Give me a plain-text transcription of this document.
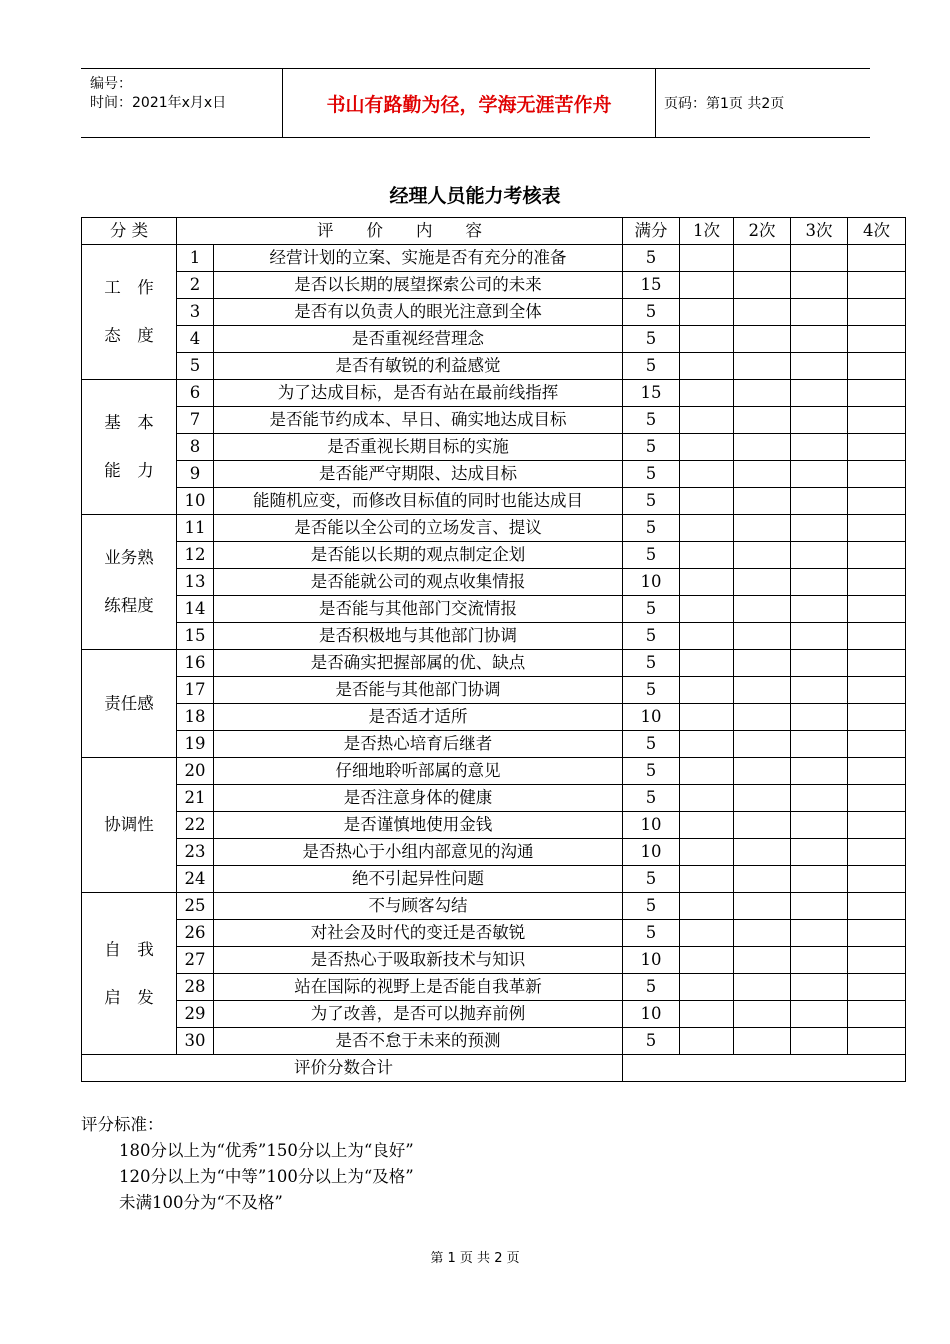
编号：
时间：2021年x月x日	书山有路勤为径，学海无涯苦作舟	页码：第1页 共2页
经理人员能力考核表
分 类	评　　价　　内　　容		满分	1次	2次	3次	4次

工　作
态　度	1	经营计划的立案、实施是否有充分的准备	5				
	2	是否以长期的展望探索公司的未来	15				
	3	是否有以负责人的眼光注意到全体	5				
	4	是否重视经营理念	5				
	5	是否有敏锐的利益感觉	5				

基　本
能　力	6	为了达成目标，是否有站在最前线指挥	15				
	7	是否能节约成本、早日、确实地达成目标	5				
	8	是否重视长期目标的实施	5				
	9	是否能严守期限、达成目标	5				
	10	能随机应变，而修改目标值的同时也能达成目	5				

业务熟
练程度	11	是否能以全公司的立场发言、提议	5				
	12	是否能以长期的观点制定企划	5				
	13	是否能就公司的观点收集情报	10				
	14	是否能与其他部门交流情报	5				
	15	是否积极地与其他部门协调	5				

责任感	16	是否确实把握部属的优、缺点	5				
	17	是否能与其他部门协调	5				
	18	是否适才适所	10				
	19	是否热心培育后继者	5				

协调性	20	仔细地聆听部属的意见	5				
	21	是否注意身体的健康	5				
	22	是否谨慎地使用金钱	10				
	23	是否热心于小组内部意见的沟通	10				
	24	绝不引起异性问题	5				

自　我
启　发	25	不与顾客勾结	5				
	26	对社会及时代的变迁是否敏锐	5				
	27	是否热心于吸取新技术与知识	10				
	28	站在国际的视野上是否能自我革新	5				
	29	为了改善，是否可以抛弃前例	10				
	30	是否不怠于未来的预测	5				
评价分数合计							
评分标准：
180分以上为“优秀”150分以上为“良好”
120分以上为“中等”100分以上为“及格”
未满100分为“不及格”
第 1 页 共 2 页
